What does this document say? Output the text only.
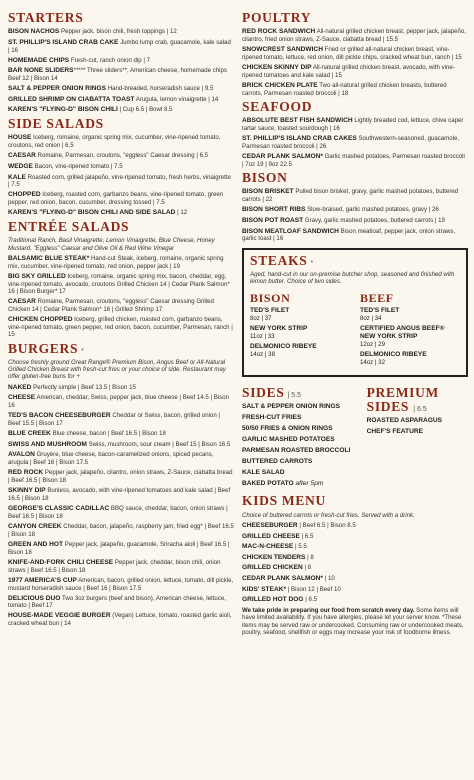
· · · · · · ·
STARTERS
BISON NACHOS Pepper jack, bison chili, fresh toppings | 12
ST. PHILLIP'S ISLAND CRAB CAKE Jumbo lump crab, guacamole, kale salad | 16
HOMEMADE CHIPS Fresh-cut, ranch onion dip | 7
BAR NONE SLIDERS***** Three sliders**, American cheese, homemade chips Beef 12 | Bison 14
SALT & PEPPER ONION RINGS Hand-breaded, horseradish sauce | 9.5
GRILLED SHRIMP ON CIABATTA TOAST Arugula, lemon vinaigrette | 14
KAREN'S "FLYING-D" BISON CHILI | Cup 6.5 | Bowl 8.5
SIDE SALADS
HOUSE Iceberg, romaine, organic spring mix, cucumber, vine-ripened tomato, croutons, red onion | 6.5
CAESAR Romaine, Parmesan, croutons, "eggless" Caesar dressing | 6.5
WEDGE Bacon, vine-ripened tomato | 7.5
KALE Roasted corn, grilled jalapeño, vine-ripened tomato, fresh herbs, vinaigrette | 7.5
CHOPPED Iceberg, roasted corn, garbanzo beans, vine-ripened tomato, green pepper, red onion, bacon, cucumber, dressing tossed | 7.5
KAREN'S "FLYING-D" BISON CHILI AND SIDE SALAD | 12
ENTRÉE SALADS
Traditional Ranch, Basil Vinaigrette, Lemon Vinaigrette, Blue Cheese, Honey Mustard, "Eggless" Caesar and Olive Oil & Red Wine Vinegar
BALSAMIC BLUE STEAK* Hand-cut Steak, iceberg, romaine, organic spring mix, cucumber, vine-ripened tomato, red onion, pepper jack | 19
BIG SKY GRILLED Iceberg, romaine, organic spring mix, bacon, cheddar, egg, vine-ripened tomato, avocado, croutons Grilled Chicken 14 | Cedar Plank Salmon* 16 | Bison Burger* 17
CAESAR Romaine, Parmesan, croutons, "eggless" Caesar dressing Grilled Chicken 14 | Cedar Plank Salmon* 16 | Grilled Shrimp 17
CHICKEN CHOPPED Iceberg, grilled chicken, roasted corn, garbanzo beans, vine-ripened tomato, green pepper, red onion, bacon, cucumber, Parmesan, ranch | 15
BURGERS *
Choose freshly ground Great Range® Premium Bison, Angus Beef or All-Natural Grilled Chicken Breast with fresh-cut fries or your choice of side. Restaurant may offer gluten-free buns for +
NAKED Perfectly simple | Beef 13.5 | Bison 15
CHEESE American, cheddar, Swiss, pepper jack, blue cheese | Beef 14.5 | Bison 16
TED'S BACON CHEESEBURGER Cheddar or Swiss, bacon, grilled onion | Beef 15.5 | Bison 17
BLUE CREEK Blue cheese, bacon | Beef 16.5 | Bison 18
SWISS AND MUSHROOM Swiss, mushroom, sour cream | Beef 15 | Bison 16.5
AVALON Gruyère, blue cheese, bacon-caramelized onions, spiced pecans, arugula | Beef 16 | Bison 17.5
RED ROCK Pepper jack, jalapeño, cilantro, onion straws, Z-Sauce, ciabatta bread | Beef 16.5 | Bison 18
SKINNY DIP Bunless, avocado, with vine-ripened tomatoes and kale salad | Beef 16.5 | Bison 18
GEORGE'S CLASSIC CADILLAC BBQ sauce, cheddar, bacon, onion straws | Beef 16.5 | Bison 18
CANYON CREEK Cheddar, bacon, jalapeño, raspberry jam, fried egg* | Beef 16.5 | Bison 18
GREEN AND HOT Pepper jack, jalapeño, guacamole, Sriracha aioli | Beef 16.5 | Bison 18
KNIFE-AND-FORK CHILI CHEESE Pepper jack, cheddar, bison chili, onion straws | Beef 16.5 | Bison 18
1977 AMERICA'S CUP American, bacon, grilled onion, lettuce, tomato, dill pickle, mustard horseradish sauce | Beef 16 | Bison 17.5
DELICIOUS DUO Two 3oz burgers (beef and bison), American cheese, lettuce, tomato | Beef 17
HOUSE-MADE VEGGIE BURGER (Vegan) Lettuce, tomato, roasted garlic aioli, cracked wheat bun | 14
POULTRY
RED ROCK SANDWICH All-natural grilled chicken breast, pepper jack, jalapeño, cilantro, fried onion straws, Z-Sauce, ciabatta bread | 15.5
SNOWCREST SANDWICH Fried or grilled all-natural chicken breast, vine-ripened tomato, lettuce, red onion, dill pickle chips, cracked wheat bun, ranch | 15
CHICKEN SKINNY DIP All-natural grilled chicken breast, avocado, with vine-ripened tomatoes and kale salad | 15
BRICK CHICKEN PLATE Two all-natural grilled chicken breasts, buttered carrots, Parmesan roasted broccoli | 18
SEAFOOD
ABSOLUTE BEST FISH SANDWICH Lightly breaded cod, lettuce, chive caper tartar sauce, toasted sourdough | 16
ST. PHILLIP'S ISLAND CRAB CAKES Southwestern-seasoned, guacamole, Parmesan roasted broccoli | 26
CEDAR PLANK SALMON* Garlic mashed potatoes, Parmesan roasted broccoli | 7oz 19 | 9oz 22.5
BISON
BISON BRISKET Pulled bison brisket, gravy, garlic mashed potatoes, buttered carrots | 22
BISON SHORT RIBS Slow-braised, garlic mashed potatoes, gravy | 26
BISON POT ROAST Gravy, garlic mashed potatoes, buttered carrots | 19
BISON MEATLOAF SANDWICH Bison meatloaf, pepper jack, onion straws, garlic toast | 16
STEAKS *
Aged, hand-cut in our on-premise butcher shop, seasoned and finished with lemon butter. Choice of two sides.
BISON
TED'S FILET
8oz | 37
NEW YORK STRIP
11oz | 33
DELMONICO RIBEYE
14oz | 38
BEEF
TED'S FILET
8oz | 34
CERTIFIED ANGUS BEEF® NEW YORK STRIP
12oz | 29
DELMONICO RIBEYE
14oz | 32
SIDES | 5.5
SALT & PEPPER ONION RINGS
FRESH-CUT FRIES
50/50 FRIES & ONION RINGS
GARLIC MASHED POTATOES
PARMESAN ROASTED BROCCOLI
BUTTERED CARROTS
KALE SALAD
BAKED POTATO after 5pm
PREMIUM
SIDES | 6.5
ROASTED ASPARAGUS
CHEF'S FEATURE
KIDS MENU
Choice of buttered carrots or fresh-cut fries. Served with a drink.
CHEESEBURGER | Beef 6.5 | Bison 8.5
GRILLED CHEESE | 6.5
MAC-N-CHEESE | 5.5
CHICKEN TENDERS | 8
GRILLED CHICKEN | 8
CEDAR PLANK SALMON* | 10
KIDS' STEAK* | Bison 12 | Beef 10
GRILLED HOT DOG | 6.5
We take pride in preparing our food from scratch every day. Some items will have limited availability. If you have allergies, please let your server know. *These items may be served raw or undercooked. Consuming raw or undercooked meats, poultry, seafood, shellfish or eggs may increase your risk of foodborne illness.
